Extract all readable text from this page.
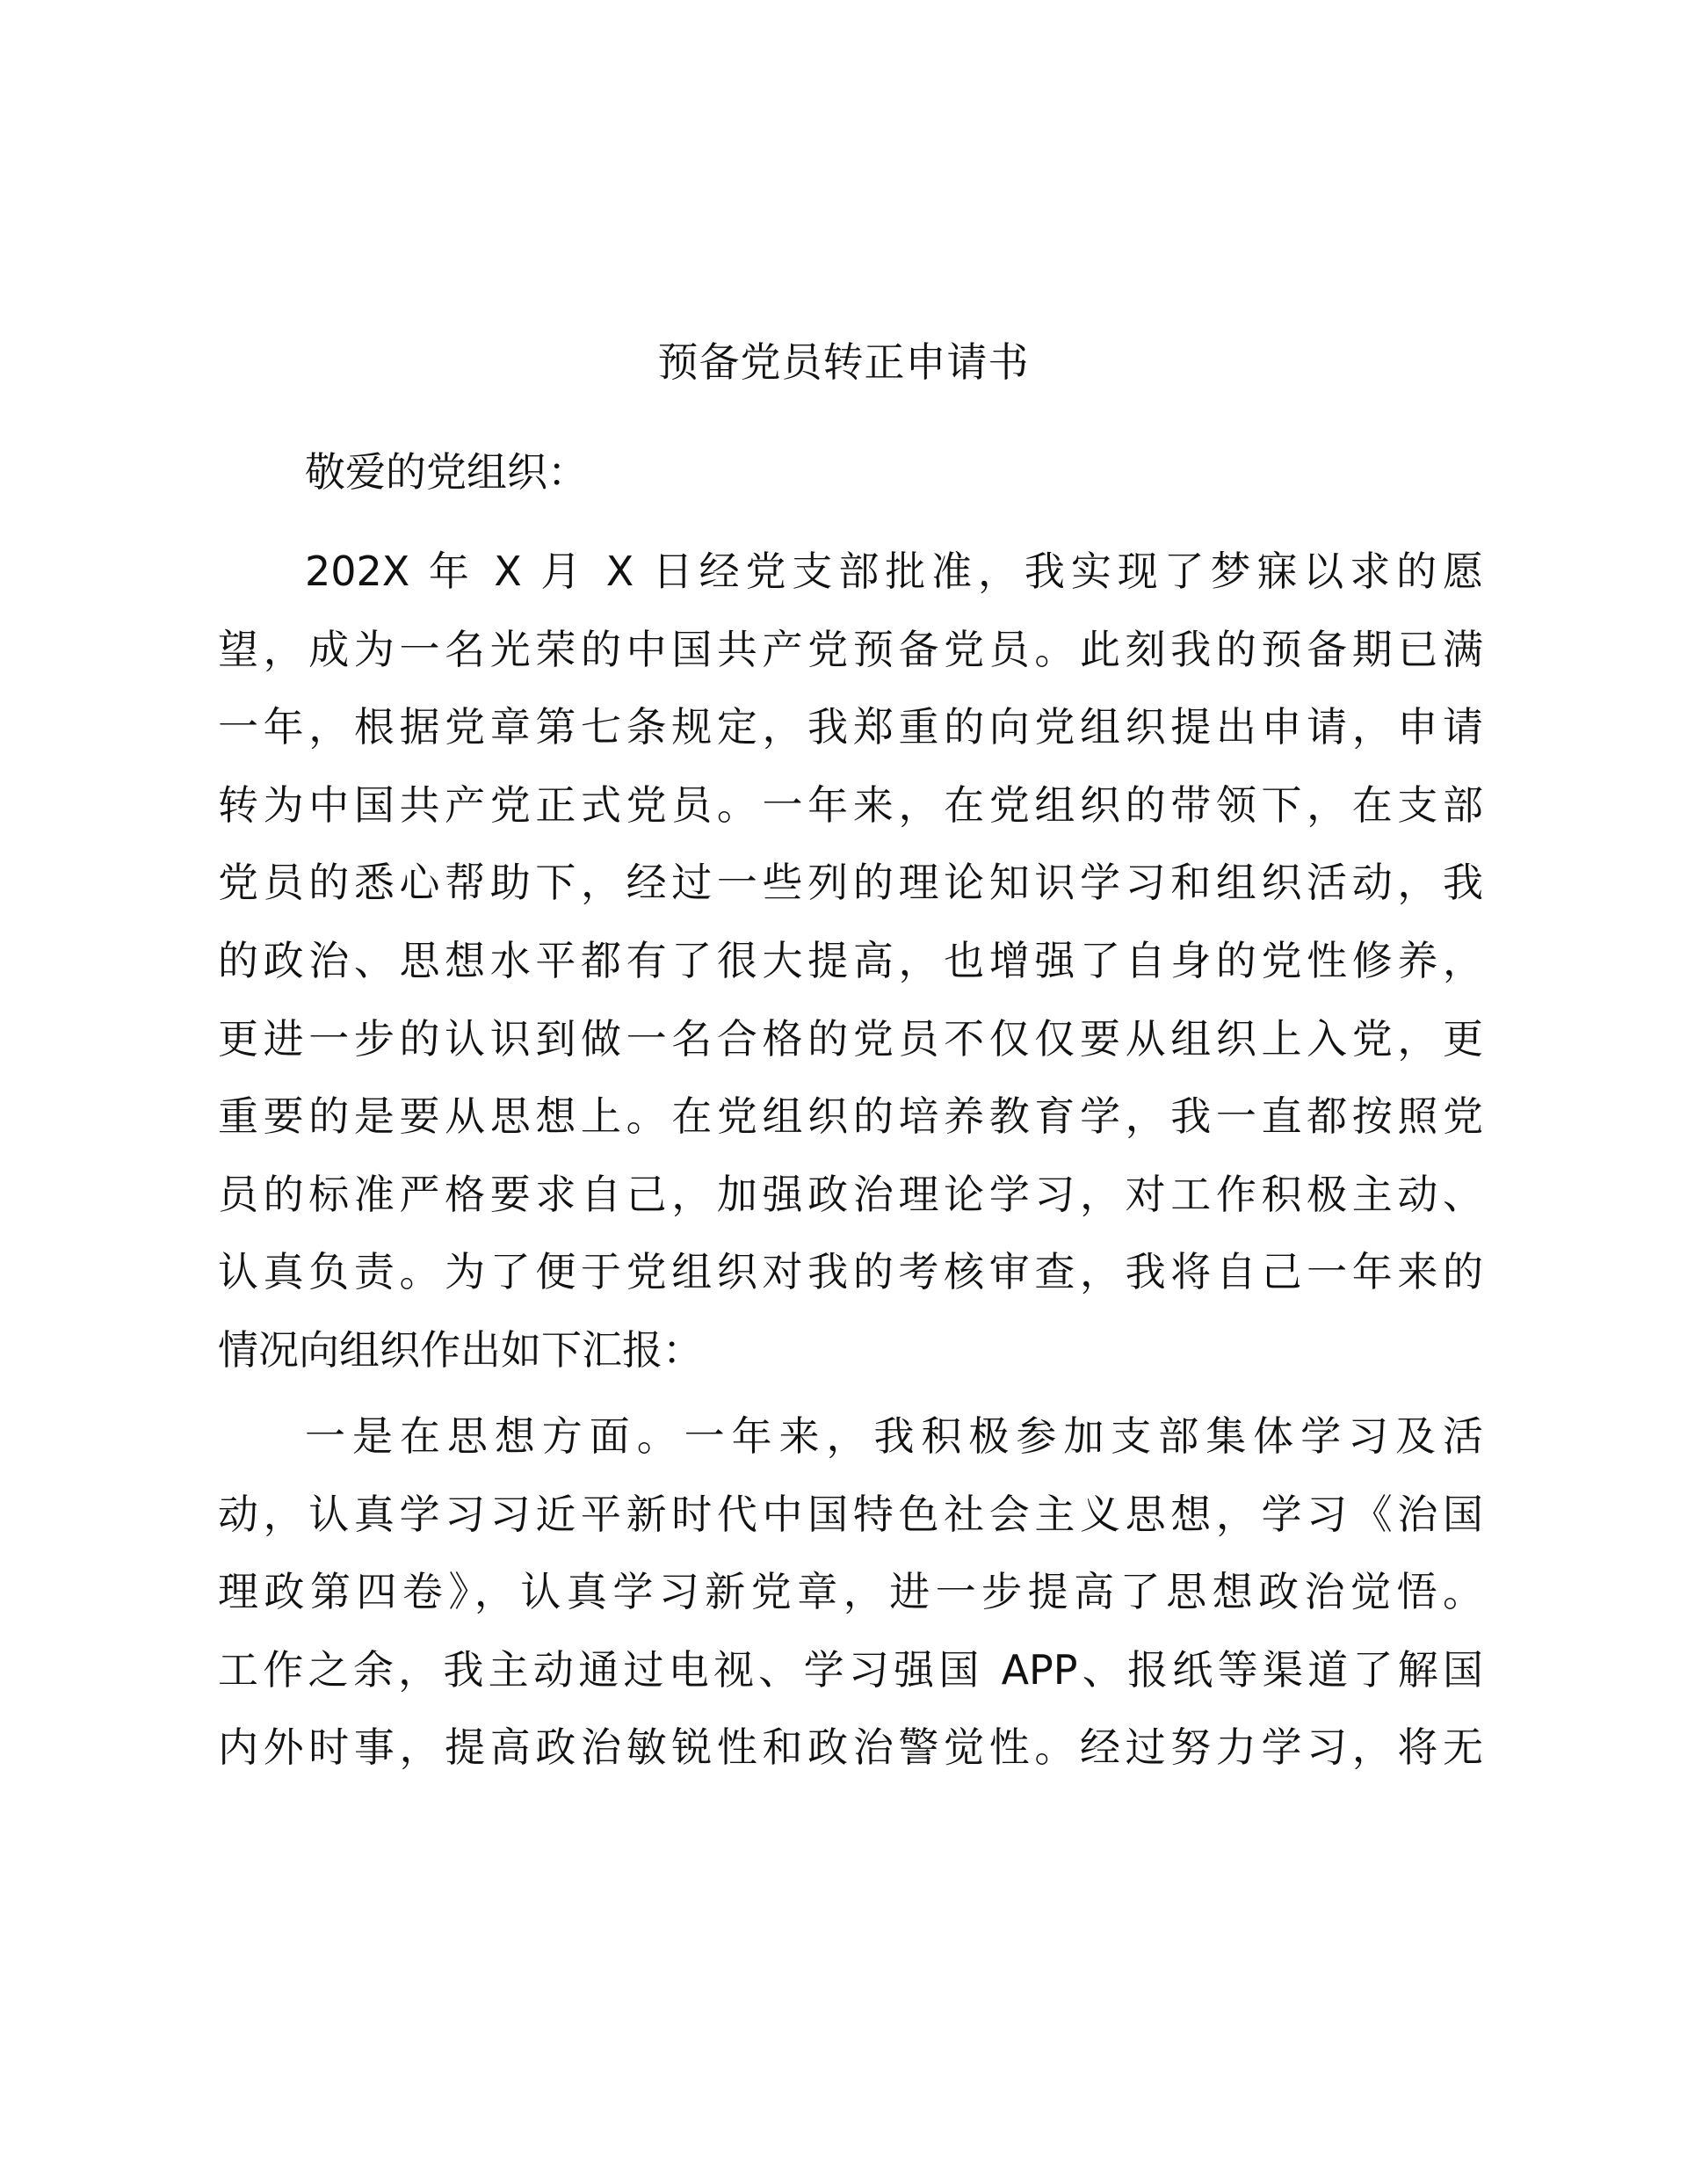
预备党员转正申请书

敬爱的党组织：

202X 年 X 月 X 日经党支部批准，我实现了梦寐以求的愿
望，成为一名光荣的中国共产党预备党员。此刻我的预备期已满
一年，根据党章第七条规定，我郑重的向党组织提出申请，申请
转为中国共产党正式党员。一年来，在党组织的带领下，在支部
党员的悉心帮助下，经过一些列的理论知识学习和组织活动，我
的政治、思想水平都有了很大提高，也增强了自身的党性修养，
更进一步的认识到做一名合格的党员不仅仅要从组织上入党，更
重要的是要从思想上。在党组织的培养教育学，我一直都按照党
员的标准严格要求自己，加强政治理论学习，对工作积极主动、
认真负责。为了便于党组织对我的考核审查，我将自己一年来的
情况向组织作出如下汇报：
一是在思想方面。一年来，我积极参加支部集体学习及活
动，认真学习习近平新时代中国特色社会主义思想，学习《治国
理政第四卷》，认真学习新党章，进一步提高了思想政治觉悟。
工作之余，我主动通过电视、学习强国 APP、报纸等渠道了解国
内外时事，提高政治敏锐性和政治警觉性。经过努力学习，将无
